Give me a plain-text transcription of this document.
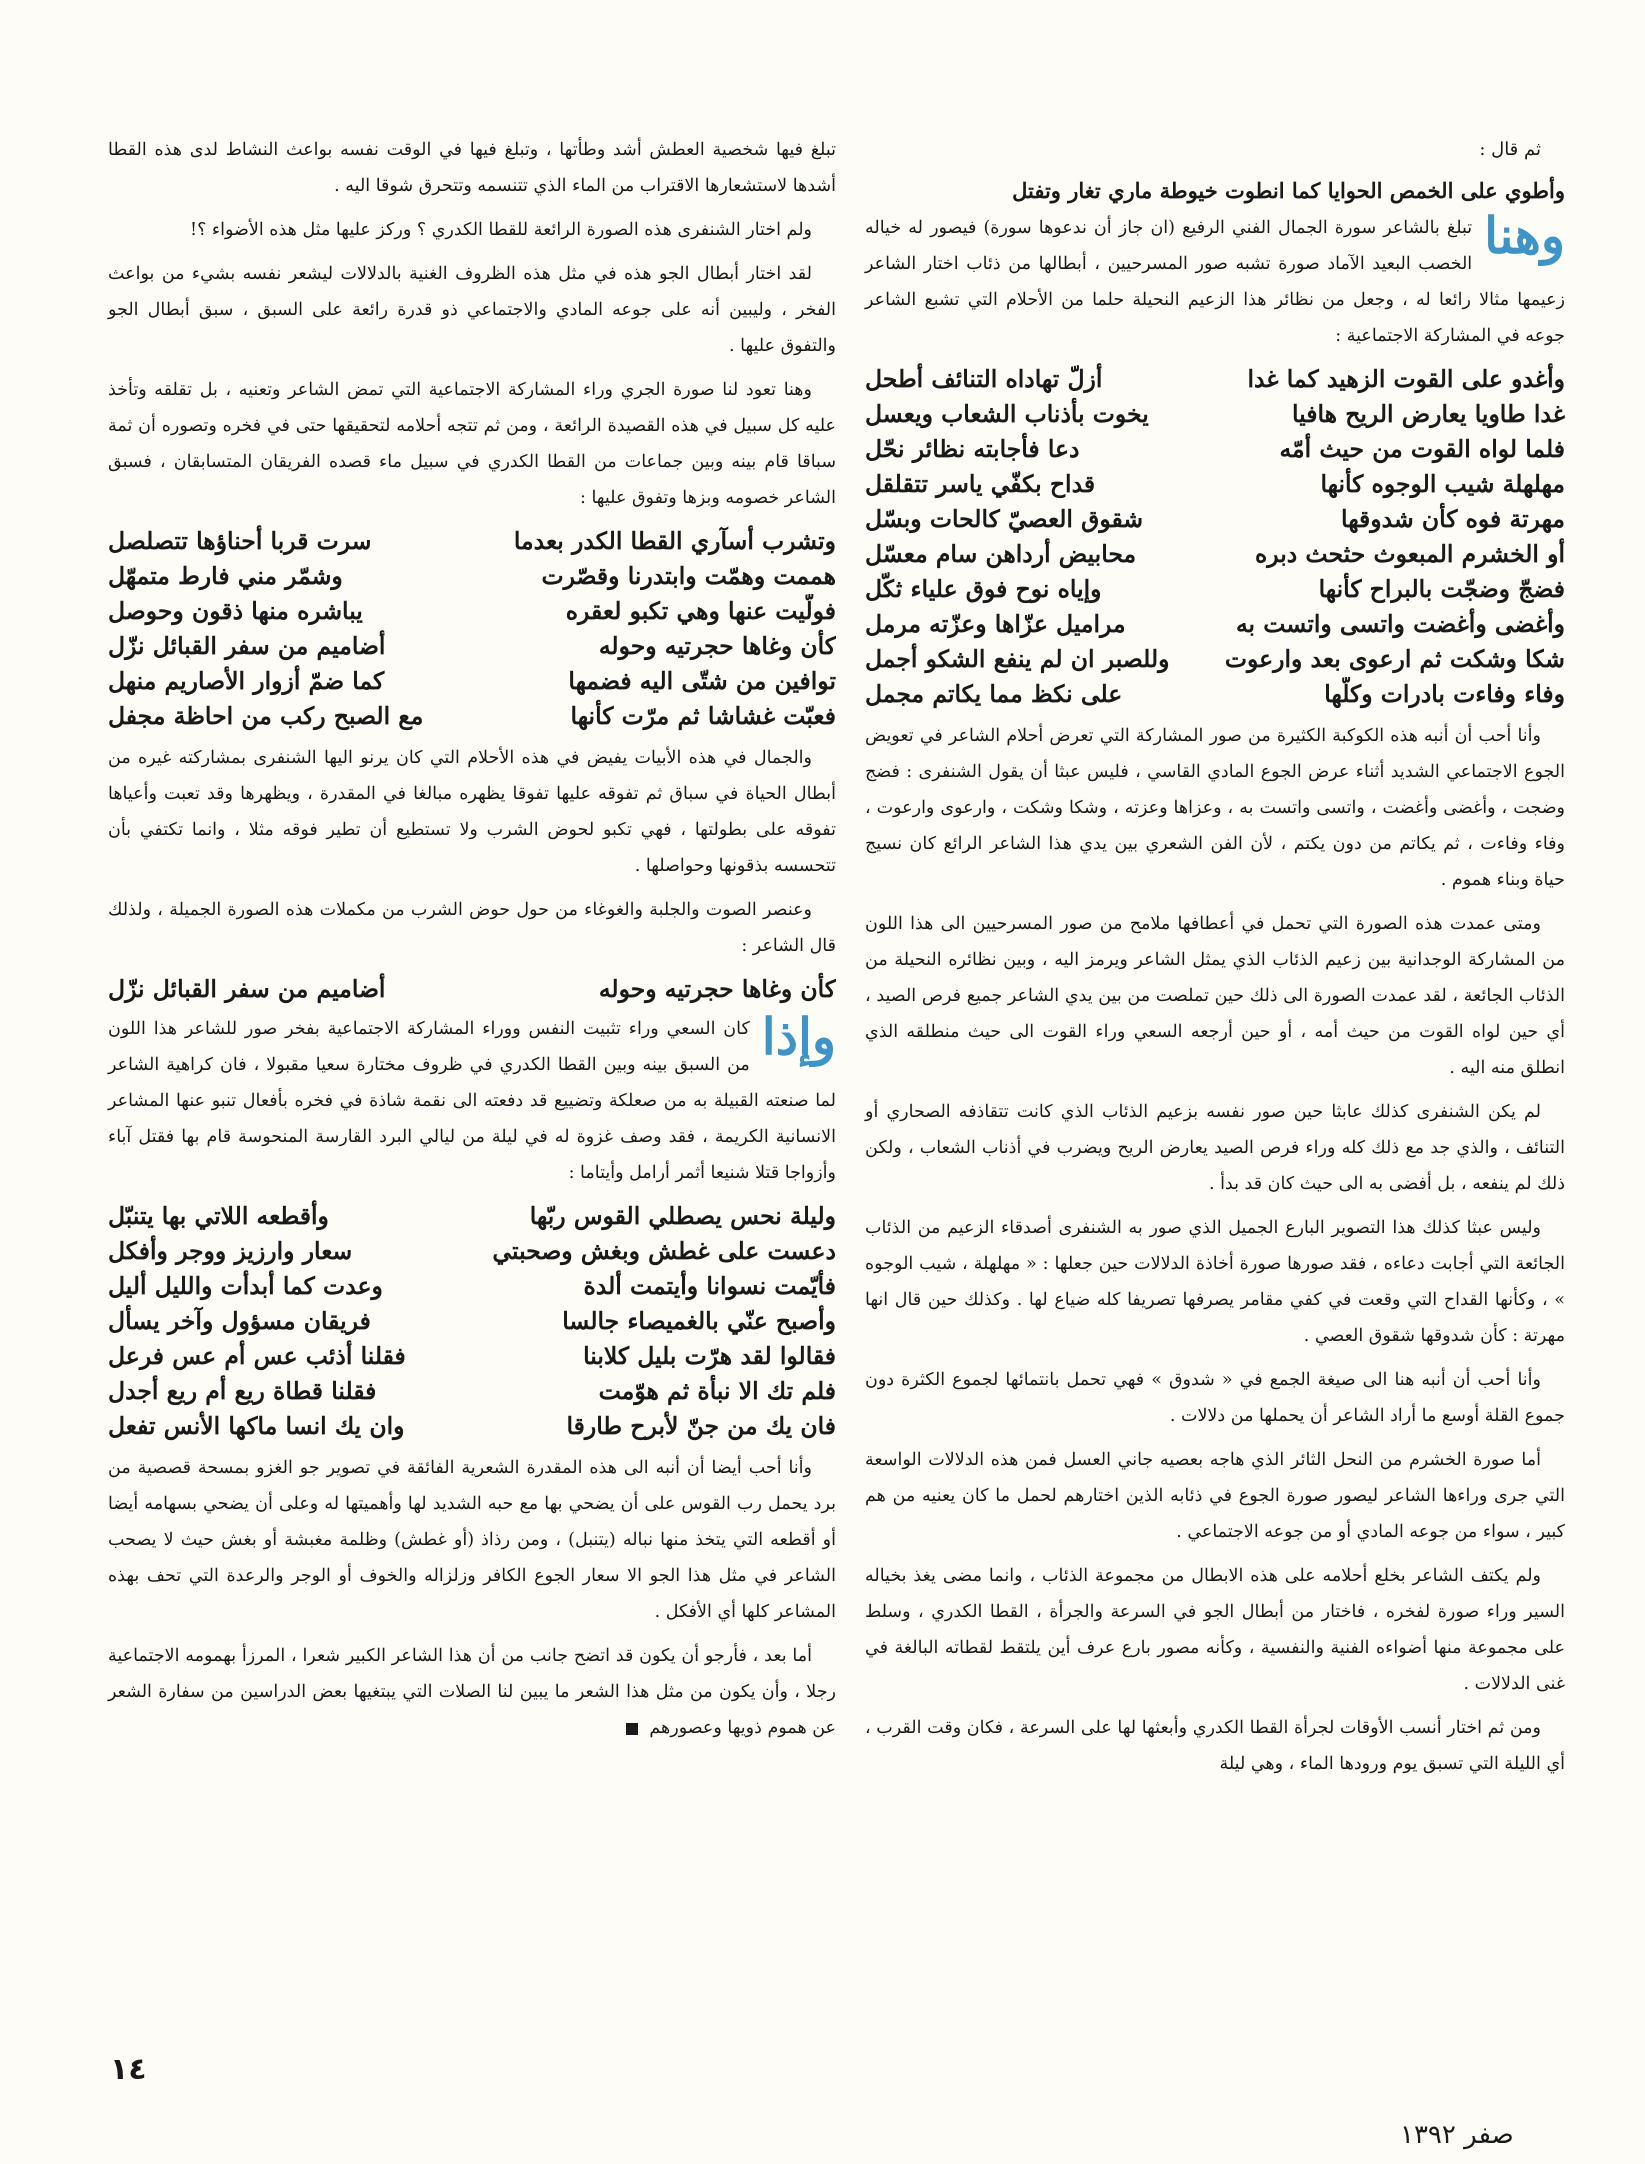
ثم قال :

وأطوي على الخمص الحوايا كما انطوت خيوطة ماري تغار وتفتل

وهنا
تبلغ بالشاعر سورة الجمال الفني الرفيع (ان جاز أن ندعوها سورة) فيصور له خياله الخصب البعيد الآماد صورة تشبه صور المسرحيين ، أبطالها من ذئاب اختار الشاعر زعيمها مثالا رائعا له ، وجعل من نظائر هذا الزعيم النحيلة حلما من الأحلام التي تشبع الشاعر جوعه في المشاركة الاجتماعية :

وأغدو على القوت الزهيد كما غدا
أزلّ تهاداه التنائف أطحل
غدا طاويا يعارض الريح هافيا
يخوت بأذناب الشعاب ويعسل
فلما لواه القوت من حيث أمّه
دعا فأجابته نظائر نحّل
مهلهلة شيب الوجوه كأنها
قداح بكفّي ياسر تتقلقل
مهرتة فوه كأن شدوقها
شقوق العصيّ كالحات وبسّل
أو الخشرم المبعوث حثحث دبره
محابيض أرداهن سام معسّل
فضجّ وضجّت بالبراح كأنها
وإياه نوح فوق علياء ثكّل
وأغضى وأغضت واتسى واتست به
مراميل عزّاها وعزّته مرمل
شكا وشكت ثم ارعوى بعد وارعوت
وللصبر ان لم ينفع الشكو أجمل
وفاء وفاءت بادرات وكلّها
على نكظ مما يكاتم مجمل

وأنا أحب أن أنبه هذه الكوكبة الكثيرة من صور المشاركة التي تعرض أحلام الشاعر في تعويض الجوع الاجتماعي الشديد أثناء عرض الجوع المادي القاسي ، فليس عبثا أن يقول الشنفرى : فضج وضجت ، وأغضى وأغضت ، واتسى واتست به ، وعزاها وعزته ، وشكا وشكت ، وارعوى وارعوت ، وفاء وفاءت ، ثم يكاتم من دون يكتم ، لأن الفن الشعري بين يدي هذا الشاعر الرائع كان نسيج حياة وبناء هموم .

ومتى عمدت هذه الصورة التي تحمل في أعطافها ملامح من صور المسرحيين الى هذا اللون من المشاركة الوجدانية بين زعيم الذئاب الذي يمثل الشاعر ويرمز اليه ، وبين نظائره النحيلة من الذئاب الجائعة ، لقد عمدت الصورة الى ذلك حين تملصت من بين يدي الشاعر جميع فرص الصيد ، أي حين لواه القوت من حيث أمه ، أو حين أرجعه السعي وراء القوت الى حيث منطلقه الذي انطلق منه اليه .

لم يكن الشنفرى كذلك عابثا حين صور نفسه بزعيم الذئاب الذي كانت تتقاذفه الصحاري أو التنائف ، والذي جد مع ذلك كله وراء فرص الصيد يعارض الريح ويضرب في أذناب الشعاب ، ولكن ذلك لم ينفعه ، بل أفضى به الى حيث كان قد بدأ .

وليس عبثا كذلك هذا التصوير البارع الجميل الذي صور به الشنفرى أصدقاء الزعيم من الذئاب الجائعة التي أجابت دعاءه ، فقد صورها صورة أخاذة الدلالات حين جعلها : « مهلهلة ، شيب الوجوه » ، وكأنها القداح التي وقعت في كفي مقامر يصرفها تصريفا كله ضياع لها . وكذلك حين قال انها مهرتة : كأن شدوقها شقوق العصي .

وأنا أحب أن أنبه هنا الى صيغة الجمع في « شدوق » فهي تحمل بانتمائها لجموع الكثرة دون جموع القلة أوسع ما أراد الشاعر أن يحملها من دلالات .

أما صورة الخشرم من النحل الثائر الذي هاجه بعصيه جاني العسل فمن هذه الدلالات الواسعة التي جرى وراءها الشاعر ليصور صورة الجوع في ذئابه الذين اختارهم لحمل ما كان يعنيه من هم كبير ، سواء من جوعه المادي أو من جوعه الاجتماعي .

ولم يكتف الشاعر بخلع أحلامه على هذه الابطال من مجموعة الذئاب ، وانما مضى يغذ بخياله السير وراء صورة لفخره ، فاختار من أبطال الجو في السرعة والجرأة ، القطا الكدري ، وسلط على مجموعة منها أضواءه الفنية والنفسية ، وكأنه مصور بارع عرف أين يلتقط لقطاته البالغة في غنى الدلالات .

ومن ثم اختار أنسب الأوقات لجرأة القطا الكدري وأبعثها لها على السرعة ، فكان وقت القرب ، أي الليلة التي تسبق يوم ورودها الماء ، وهي ليلة

تبلغ فيها شخصية العطش أشد وطأتها ، وتبلغ فيها في الوقت نفسه بواعث النشاط لدى هذه القطا أشدها لاستشعارها الاقتراب من الماء الذي تتنسمه وتتحرق شوقا اليه .

ولم اختار الشنفرى هذه الصورة الرائعة للقطا الكدري ؟ وركز عليها مثل هذه الأضواء ؟!

لقد اختار أبطال الجو هذه في مثل هذه الظروف الغنية بالدلالات ليشعر نفسه بشيء من بواعث الفخر ، وليبين أنه على جوعه المادي والاجتماعي ذو قدرة رائعة على السبق ، سبق أبطال الجو والتفوق عليها .

وهنا تعود لنا صورة الجري وراء المشاركة الاجتماعية التي تمض الشاعر وتعنيه ، بل تقلقه وتأخذ عليه كل سبيل في هذه القصيدة الرائعة ، ومن ثم تتجه أحلامه لتحقيقها حتى في فخره وتصوره أن ثمة سباقا قام بينه وبين جماعات من القطا الكدري في سبيل ماء قصده الفريقان المتسابقان ، فسبق الشاعر خصومه وبزها وتفوق عليها :

وتشرب أسآري القطا الكدر بعدما
سرت قربا أحناؤها تتصلصل
هممت وهمّت وابتدرنا وقصّرت
وشمّر مني فارط متمهّل
فولّيت عنها وهي تكبو لعقره
يباشره منها ذقون وحوصل
كأن وغاها حجرتيه وحوله
أضاميم من سفر القبائل نزّل
توافين من شتّى اليه فضمها
كما ضمّ أزوار الأصاريم منهل
فعبّت غشاشا ثم مرّت كأنها
مع الصبح ركب من احاظة مجفل

والجمال في هذه الأبيات يفيض في هذه الأحلام التي كان يرنو اليها الشنفرى بمشاركته غيره من أبطال الحياة في سباق ثم تفوقه عليها تفوقا يظهره مبالغا في المقدرة ، ويظهرها وقد تعبت وأعياها تفوقه على بطولتها ، فهي تكبو لحوض الشرب ولا تستطيع أن تطير فوقه مثلا ، وانما تكتفي بأن تتحسسه بذقونها وحواصلها .

وعنصر الصوت والجلبة والغوغاء من حول حوض الشرب من مكملات هذه الصورة الجميلة ، ولذلك قال الشاعر :

كأن وغاها حجرتيه وحوله
أضاميم من سفر القبائل نزّل

وإذا
كان السعي وراء تثبيت النفس ووراء المشاركة الاجتماعية بفخر صور للشاعر هذا اللون من السبق بينه وبين القطا الكدري في ظروف مختارة سعيا مقبولا ، فان كراهية الشاعر لما صنعته القبيلة به من صعلكة وتضييع قد دفعته الى نقمة شاذة في فخره بأفعال تنبو عنها المشاعر الانسانية الكريمة ، فقد وصف غزوة له في ليلة من ليالي البرد القارسة المنحوسة قام بها فقتل آباء وأزواجا قتلا شنيعا أثمر أرامل وأيتاما :

وليلة نحس يصطلي القوس ربّها
وأقطعه اللاتي بها يتنبّل
دعست على غطش وبغش وصحبتي
سعار وارزيز ووجر وأفكل
فأيّمت نسوانا وأيتمت ألدة
وعدت كما أبدأت والليل أليل
وأصبح عنّي بالغميصاء جالسا
فريقان مسؤول وآخر يسأل
فقالوا لقد هرّت بليل كلابنا
فقلنا أذئب عس أم عس فرعل
فلم تك الا نبأة ثم هوّمت
فقلنا قطاة ريع أم ريع أجدل
فان يك من جنّ لأبرح طارقا
وان يك انسا ماكها الأنس تفعل

وأنا أحب أيضا أن أنبه الى هذه المقدرة الشعرية الفائقة في تصوير جو الغزو بمسحة قصصية من برد يحمل رب القوس على أن يضحي بها مع حبه الشديد لها وأهميتها له وعلى أن يضحي بسهامه أيضا أو أقطعه التي يتخذ منها نباله (يتنبل) ، ومن رذاذ (أو غطش) وظلمة مغبشة أو بغش حيث لا يصحب الشاعر في مثل هذا الجو الا سعار الجوع الكافر وزلزاله والخوف أو الوجر والرعدة التي تحف بهذه المشاعر كلها أي الأفكل .

أما بعد ، فأرجو أن يكون قد اتضح جانب من أن هذا الشاعر الكبير شعرا ، المرزأ بهمومه الاجتماعية رجلا ، وأن يكون من مثل هذا الشعر ما يبين لنا الصلات التي يبتغيها بعض الدراسين من سفارة الشعر عن هموم ذويها وعصورهم

١٤
صفر ١٣٩٢
